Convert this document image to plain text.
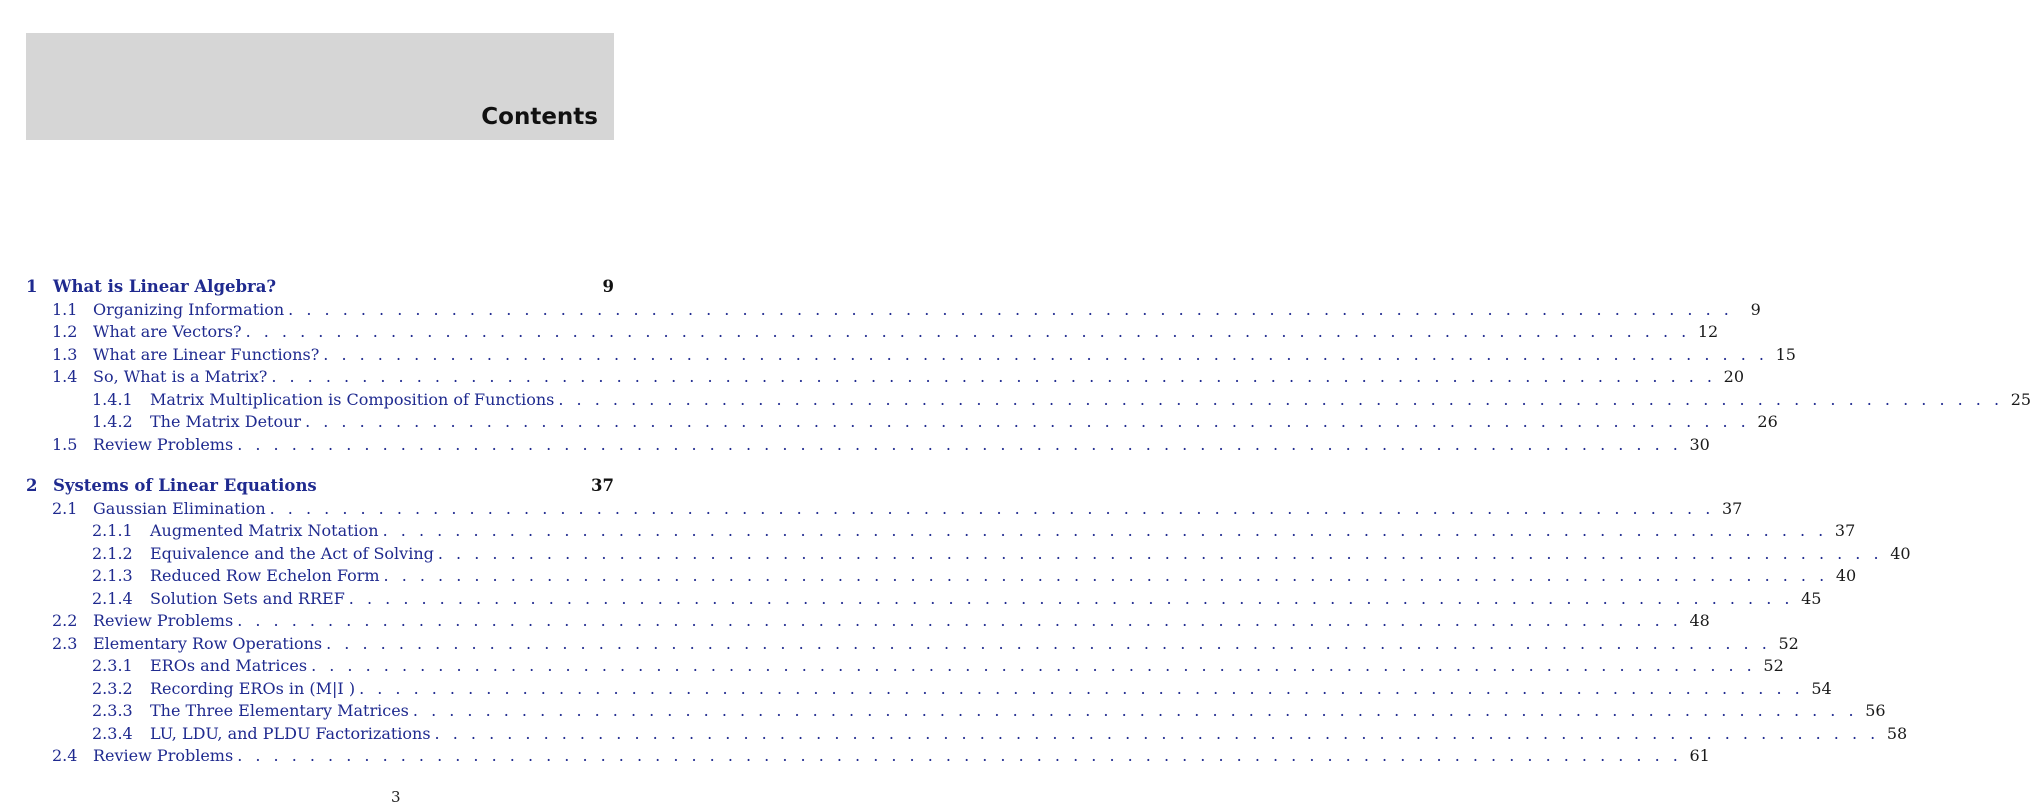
Contents
1 What is Linear Algebra?	9
1.1 Organizing Information . . . . . . . . . . . . . . . . . . . . . . . . . . . . . . . . . . . . . . . . . . . . . . . . . . . . . . . . . . . . . . . . . . . . . . . . . . . . . . . .	9
1.2 What are Vectors? . . . . . . . . . . . . . . . . . . . . . . . . . . . . . . . . . . . . . . . . . . . . . . . . . . . . . . . . . . . . . . . . . . . . . . . . . . . . . . . . 12
1.3 What are Linear Functions? . . . . . . . . . . . . . . . . . . . . . . . . . . . . . . . . . . . . . . . . . . . . . . . . . . . . . . . . . . . . . . . . . . . . . . . . . . . . . . . . 15
1.4 So, What is a Matrix? . . . . . . . . . . . . . . . . . . . . . . . . . . . . . . . . . . . . . . . . . . . . . . . . . . . . . . . . . . . . . . . . . . . . . . . . . . . . . . . . 20
1.4.1	Matrix Multiplication is Composition of Functions . . . . . . . . . . . . . . . . . . . . . . . . . . . . . . . . . . . . . . . . . . . . . . . . . . . . . . . . . . . . . . . . . . . . . . . . . . . . . . . . 25
1.4.2	The Matrix Detour . . . . . . . . . . . . . . . . . . . . . . . . . . . . . . . . . . . . . . . . . . . . . . . . . . . . . . . . . . . . . . . . . . . . . . . . . . . . . . . . 26
1.5 Review Problems . . . . . . . . . . . . . . . . . . . . . . . . . . . . . . . . . . . . . . . . . . . . . . . . . . . . . . . . . . . . . . . . . . . . . . . . . . . . . . . . 30
2 Systems of Linear Equations	37
2.1 Gaussian Elimination . . . . . . . . . . . . . . . . . . . . . . . . . . . . . . . . . . . . . . . . . . . . . . . . . . . . . . . . . . . . . . . . . . . . . . . . . . . . . . . . 37
2.1.1	Augmented Matrix Notation . . . . . . . . . . . . . . . . . . . . . . . . . . . . . . . . . . . . . . . . . . . . . . . . . . . . . . . . . . . . . . . . . . . . . . . . . . . . . . . . 37
2.1.2	Equivalence and the Act of Solving . . . . . . . . . . . . . . . . . . . . . . . . . . . . . . . . . . . . . . . . . . . . . . . . . . . . . . . . . . . . . . . . . . . . . . . . . . . . . . . . 40
2.1.3	Reduced Row Echelon Form . . . . . . . . . . . . . . . . . . . . . . . . . . . . . . . . . . . . . . . . . . . . . . . . . . . . . . . . . . . . . . . . . . . . . . . . . . . . . . . . 40
2.1.4	Solution Sets and RREF . . . . . . . . . . . . . . . . . . . . . . . . . . . . . . . . . . . . . . . . . . . . . . . . . . . . . . . . . . . . . . . . . . . . . . . . . . . . . . . . 45
2.2 Review Problems . . . . . . . . . . . . . . . . . . . . . . . . . . . . . . . . . . . . . . . . . . . . . . . . . . . . . . . . . . . . . . . . . . . . . . . . . . . . . . . . 48
2.3 Elementary Row Operations . . . . . . . . . . . . . . . . . . . . . . . . . . . . . . . . . . . . . . . . . . . . . . . . . . . . . . . . . . . . . . . . . . . . . . . . . . . . . . . . 52
2.3.1	EROs and Matrices . . . . . . . . . . . . . . . . . . . . . . . . . . . . . . . . . . . . . . . . . . . . . . . . . . . . . . . . . . . . . . . . . . . . . . . . . . . . . . . . 52
2.3.2	Recording EROs in (M|I ) . . . . . . . . . . . . . . . . . . . . . . . . . . . . . . . . . . . . . . . . . . . . . . . . . . . . . . . . . . . . . . . . . . . . . . . . . . . . . . . . 54
2.3.3	The Three Elementary Matrices . . . . . . . . . . . . . . . . . . . . . . . . . . . . . . . . . . . . . . . . . . . . . . . . . . . . . . . . . . . . . . . . . . . . . . . . . . . . . . . . 56
2.3.4	LU, LDU, and PLDU Factorizations . . . . . . . . . . . . . . . . . . . . . . . . . . . . . . . . . . . . . . . . . . . . . . . . . . . . . . . . . . . . . . . . . . . . . . . . . . . . . . . . 58
2.4 Review Problems . . . . . . . . . . . . . . . . . . . . . . . . . . . . . . . . . . . . . . . . . . . . . . . . . . . . . . . . . . . . . . . . . . . . . . . . . . . . . . . . 61
3
